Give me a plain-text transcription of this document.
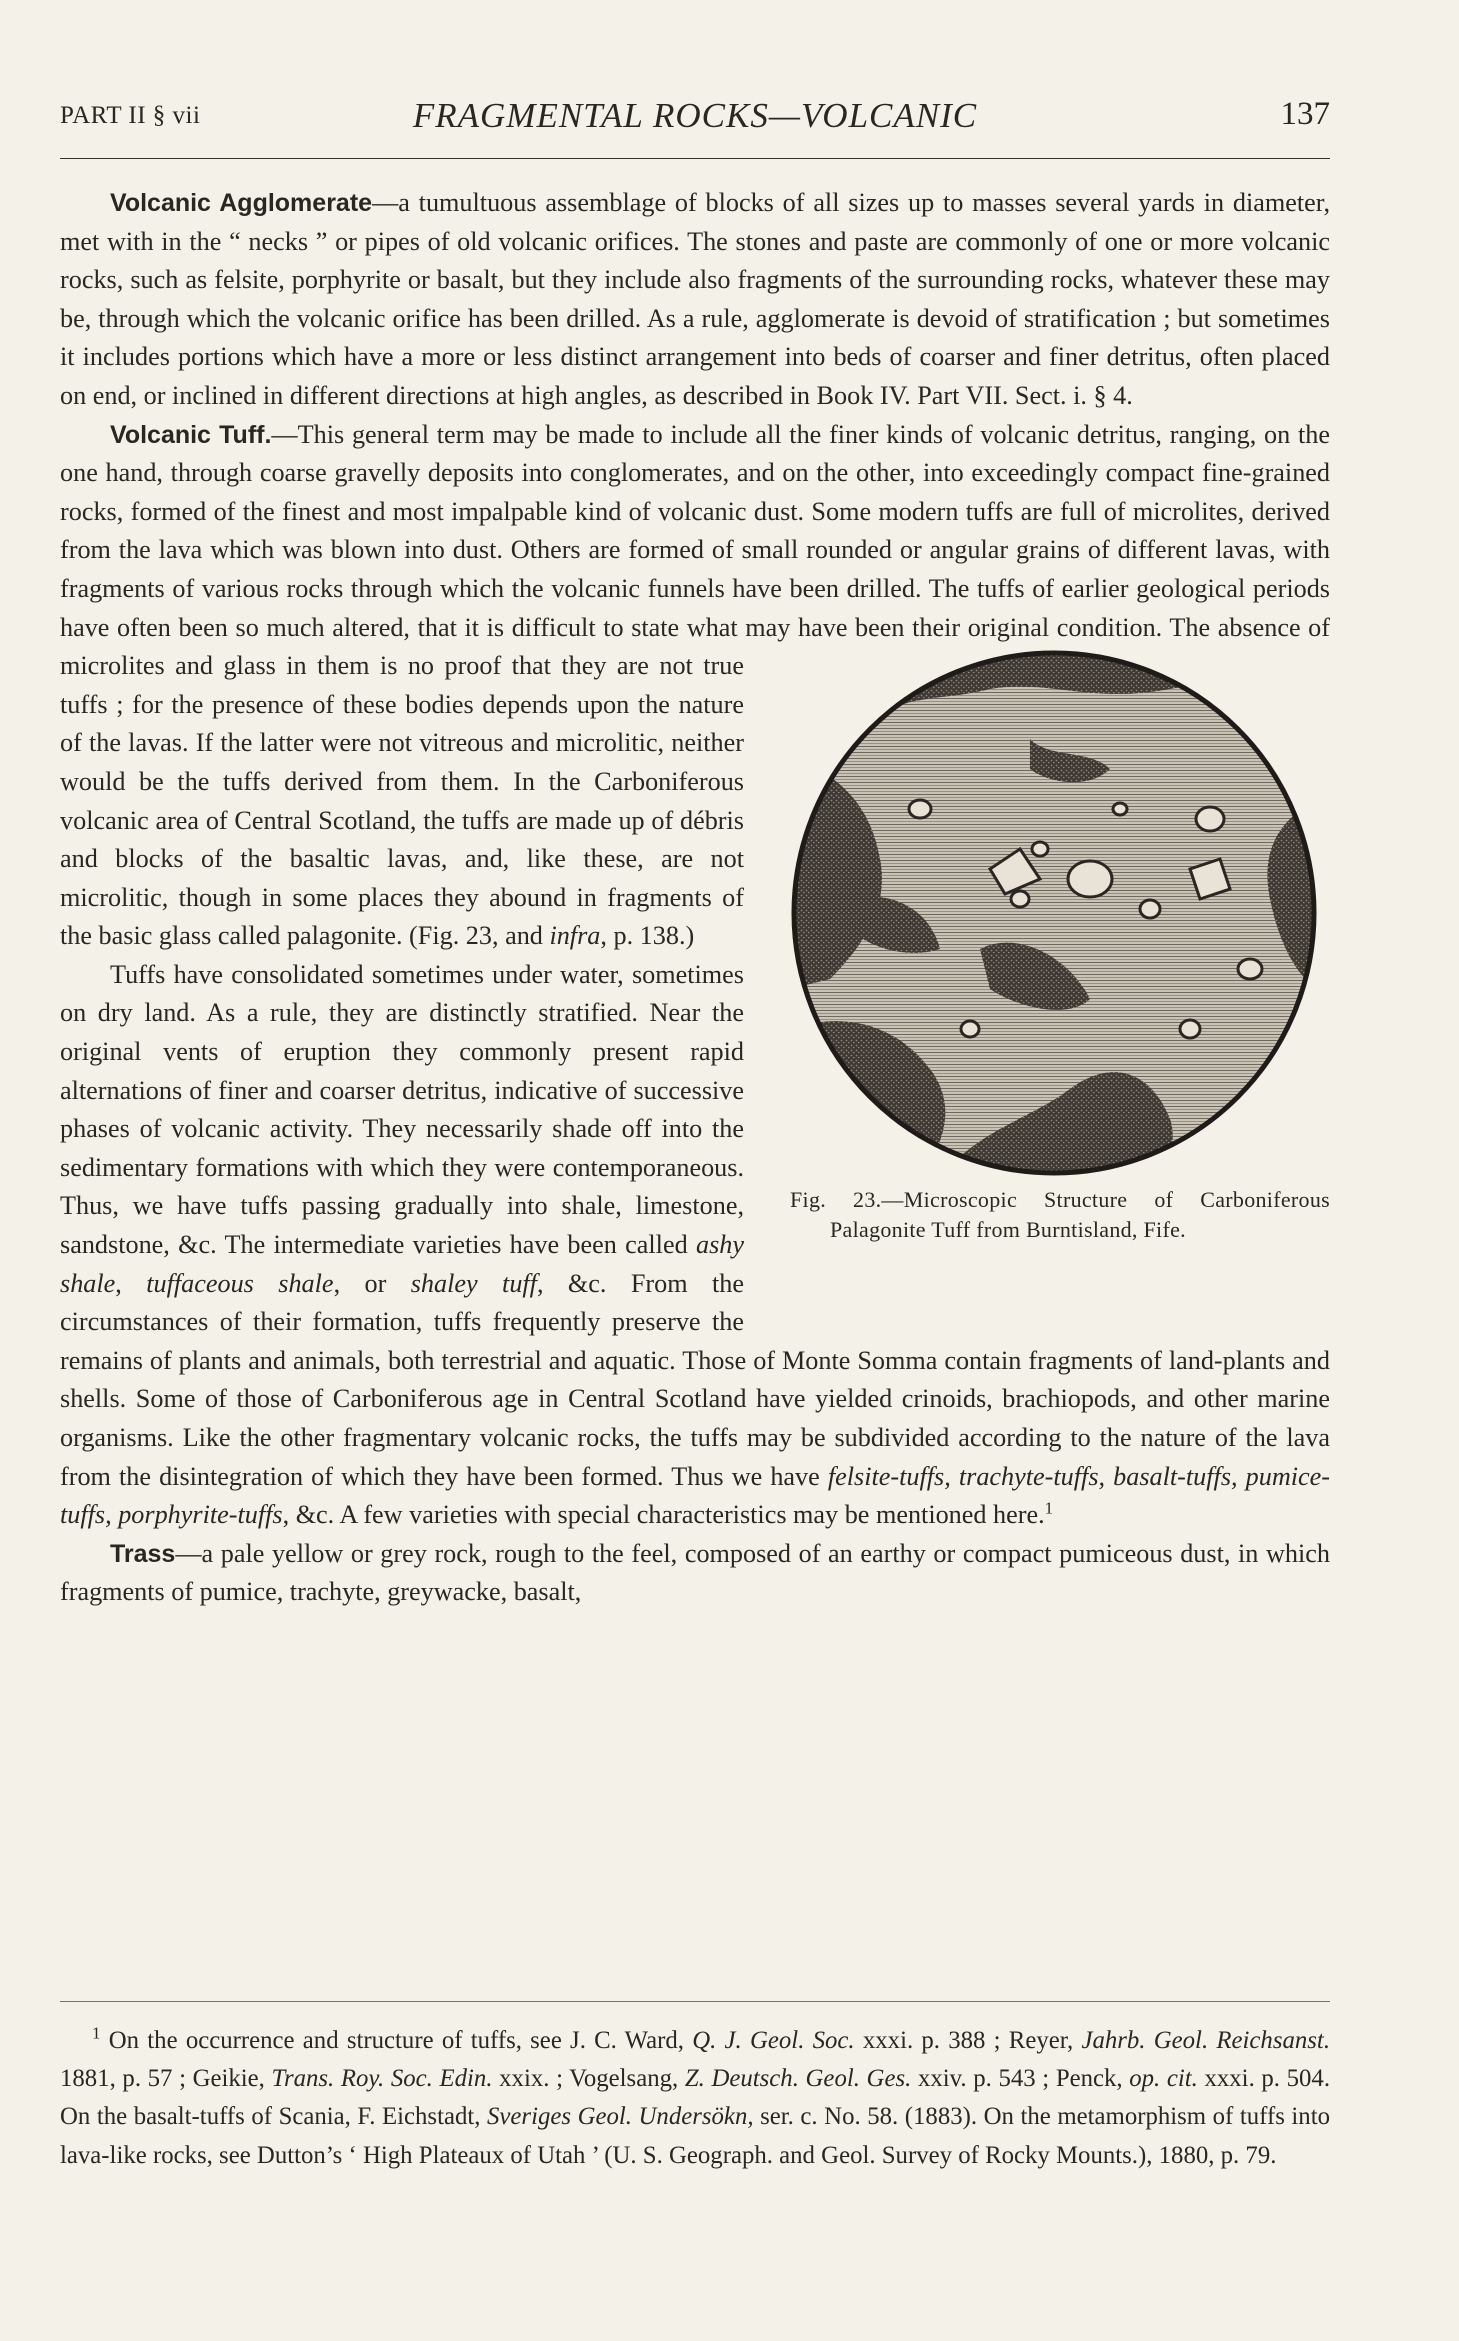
PART II § vii	FRAGMENTAL ROCKS—VOLCANIC	137

Volcanic Agglomerate—a tumultuous assemblage of blocks of all sizes up to masses several yards in diameter, met with in the “ necks ” or pipes of old volcanic orifices. The stones and paste are commonly of one or more volcanic rocks, such as felsite, porphyrite or basalt, but they include also fragments of the surrounding rocks, whatever these may be, through which the volcanic orifice has been drilled. As a rule, agglomerate is devoid of stratification ; but sometimes it includes portions which have a more or less distinct arrangement into beds of coarser and finer detritus, often placed on end, or inclined in different directions at high angles, as described in Book IV. Part VII. Sect. i. § 4.

Volcanic Tuff.—This general term may be made to include all the finer kinds of volcanic detritus, ranging, on the one hand, through coarse gravelly deposits into conglomerates, and on the other, into exceedingly compact fine-grained rocks, formed of the finest and most impalpable kind of volcanic dust. Some modern tuffs are full of microlites, derived from the lava which was blown into dust. Others are formed of small rounded or angular grains of different lavas, with fragments of various rocks through which the volcanic funnels have been drilled. The tuffs of earlier geological periods have often been so much altered, that it is difficult to state what may have been their original condition.
Fig. 23.—Microscopic Structure of Carboniferous Palagonite Tuff from Burntisland, Fife.
The absence of microlites and glass in them is no proof that they are not true tuffs ; for the presence of these bodies depends upon the nature of the lavas. If the latter were not vitreous and microlitic, neither would be the tuffs derived from them. In the Carboniferous volcanic area of Central Scotland, the tuffs are made up of débris and blocks of the basaltic lavas, and, like these, are not microlitic, though in some places they abound in fragments of the basic glass called palagonite. (Fig. 23, and infra, p. 138.)

Tuffs have consolidated sometimes under water, sometimes on dry land. As a rule, they are distinctly stratified. Near the original vents of eruption they commonly present rapid alternations of finer and coarser detritus, indicative of successive phases of volcanic activity. They necessarily shade off into the sedimentary formations with which they were contemporaneous. Thus, we have tuffs passing gradually into shale, limestone, sandstone, &c. The intermediate varieties have been called ashy shale, tuffaceous shale, or shaley tuff, &c. From the circumstances of their formation, tuffs frequently preserve the remains of plants and animals, both terrestrial and aquatic. Those of Monte Somma contain fragments of land-plants and shells. Some of those of Carboniferous age in Central Scotland have yielded crinoids, brachiopods, and other marine organisms. Like the other fragmentary volcanic rocks, the tuffs may be subdivided according to the nature of the lava from the disintegration of which they have been formed. Thus we have felsite-tuffs, trachyte-tuffs, basalt-tuffs, pumice-tuffs, porphyrite-tuffs, &c. A few varieties with special characteristics may be mentioned here.$^1$

Trass—a pale yellow or grey rock, rough to the feel, composed of an earthy or compact pumiceous dust, in which fragments of pumice, trachyte, greywacke, basalt,

$^1$ On the occurrence and structure of tuffs, see J. C. Ward, Q. J. Geol. Soc. xxxi. p. 388 ; Reyer, Jahrb. Geol. Reichsanst. 1881, p. 57 ; Geikie, Trans. Roy. Soc. Edin. xxix. ; Vogelsang, Z. Deutsch. Geol. Ges. xxiv. p. 543 ; Penck, op. cit. xxxi. p. 504. On the basalt-tuffs of Scania, F. Eichstadt, Sveriges Geol. Undersökn, ser. c. No. 58. (1883). On the metamorphism of tuffs into lava-like rocks, see Dutton’s ‘ High Plateaux of Utah ’ (U. S. Geograph. and Geol. Survey of Rocky Mounts.), 1880, p. 79.
